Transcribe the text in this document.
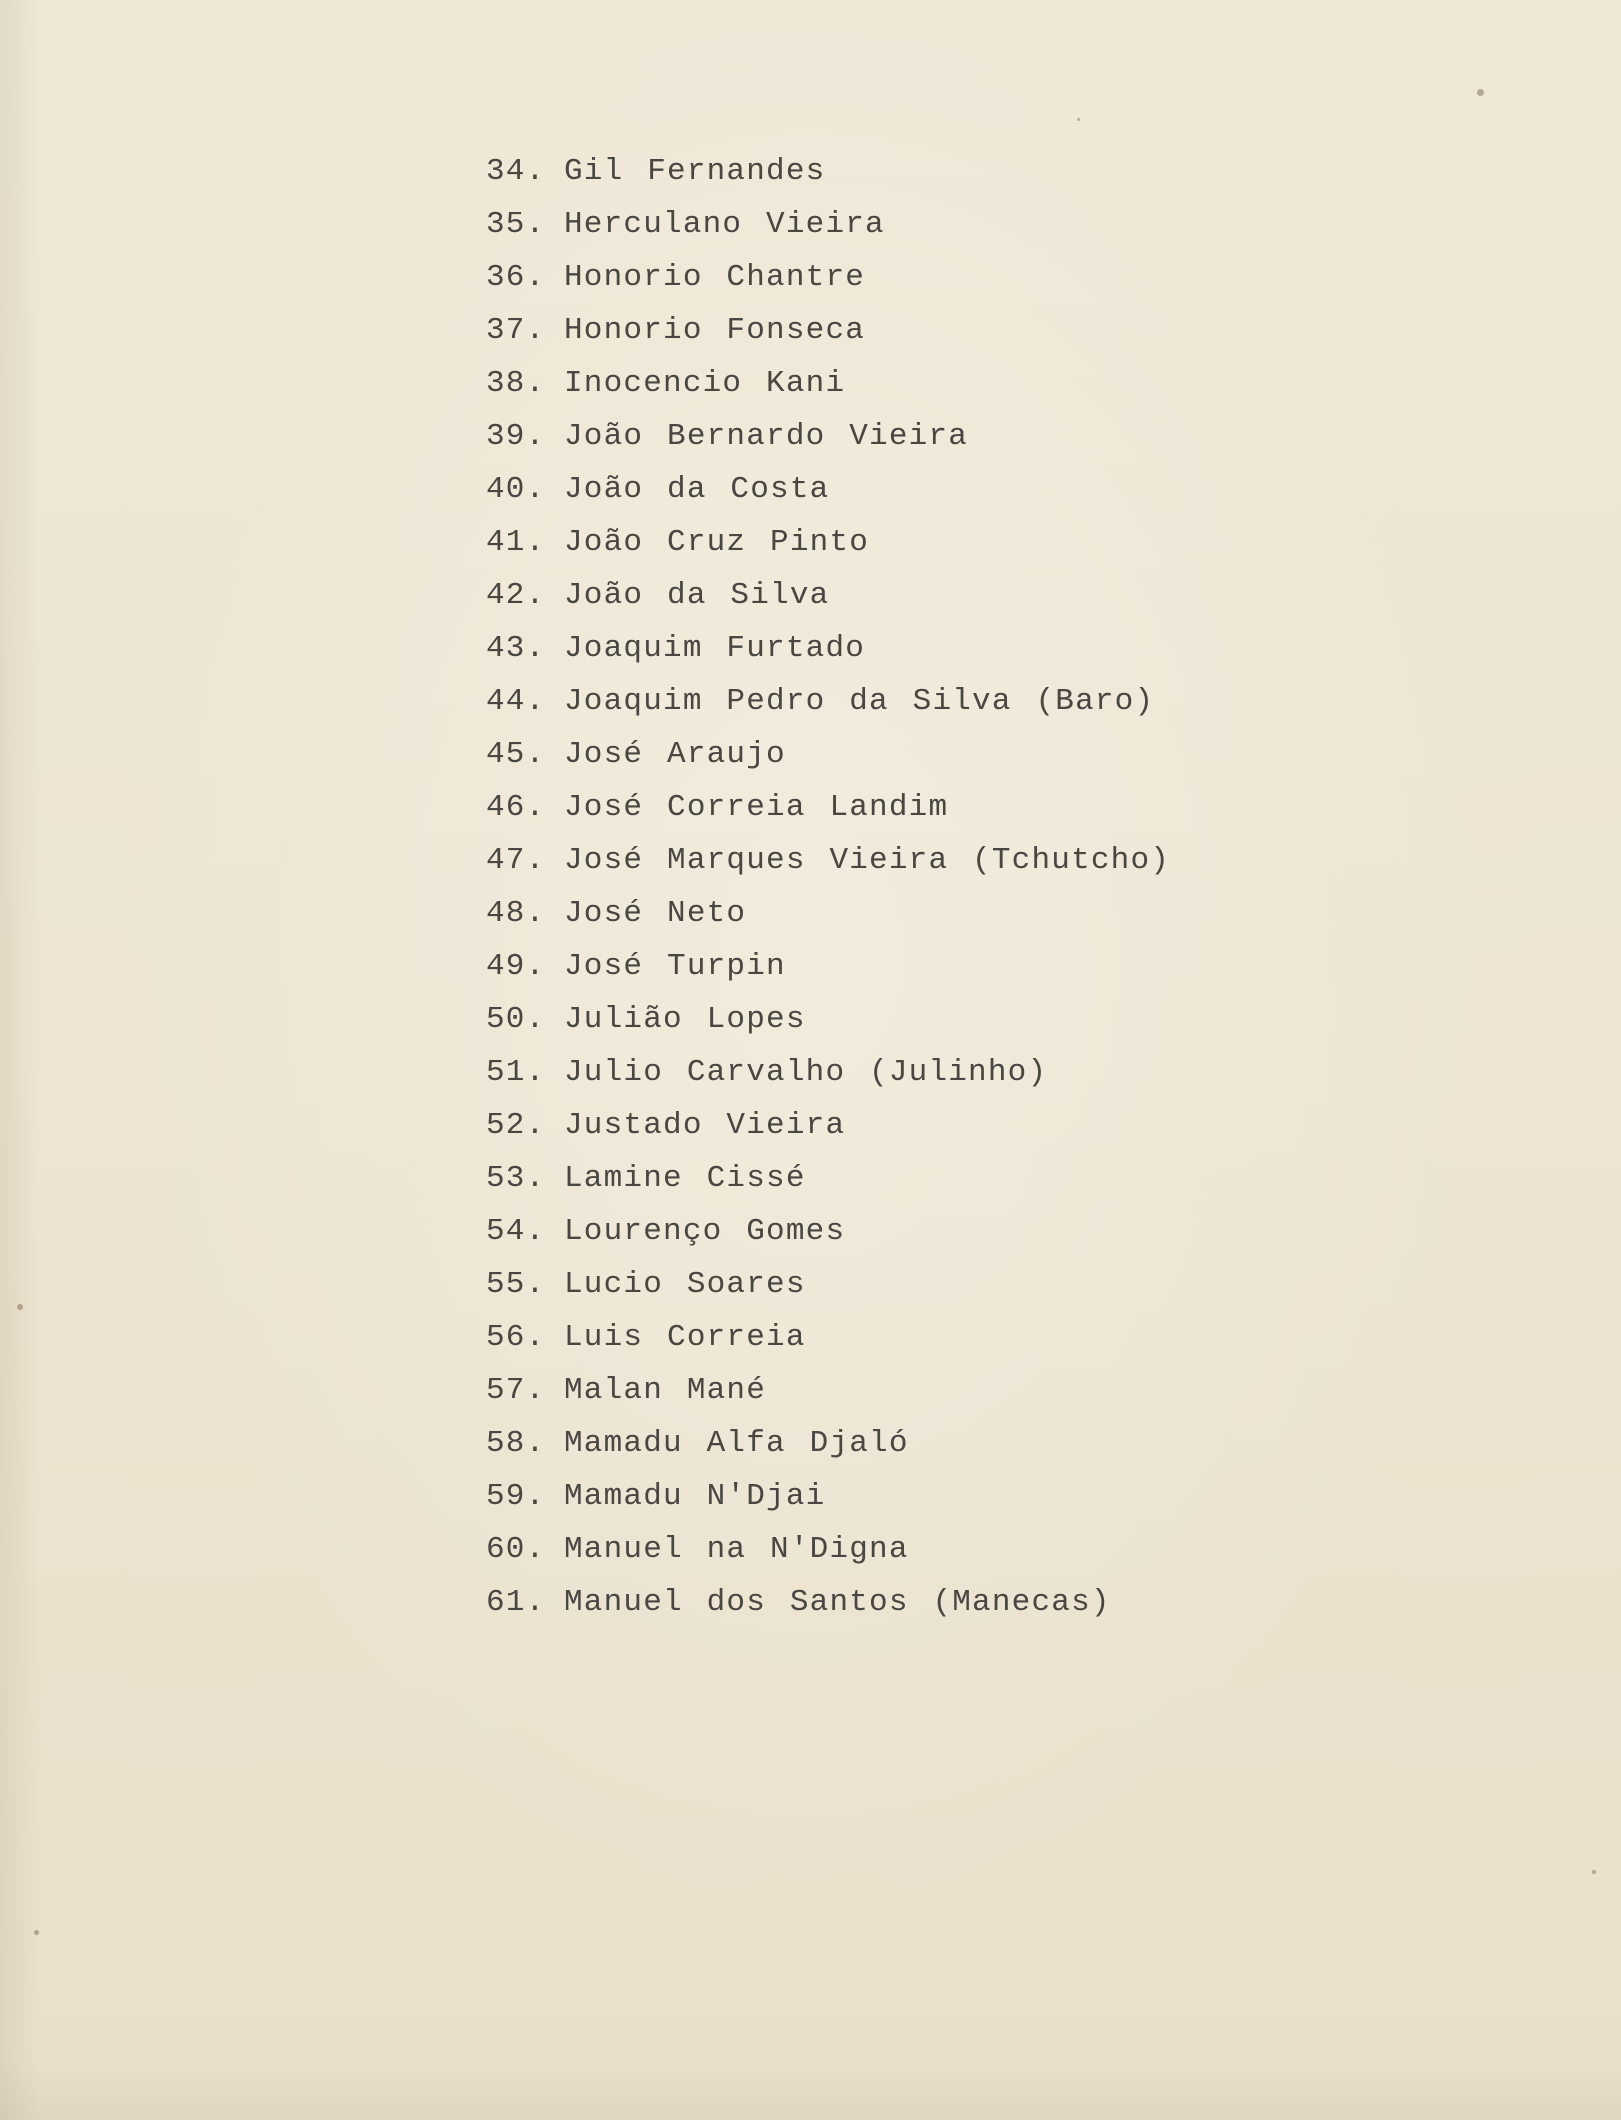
34. Gil Fernandes
35. Herculano Vieira
36. Honorio Chantre
37. Honorio Fonseca
38. Inocencio Kani
39. João Bernardo Vieira
40. João da Costa
41. João Cruz Pinto
42. João da Silva
43. Joaquim Furtado
44. Joaquim Pedro da Silva (Baro)
45. José Araujo
46. José Correia Landim
47. José Marques Vieira (Tchutcho)
48. José Neto
49. José Turpin
50. Julião Lopes
51. Julio Carvalho (Julinho)
52. Justado Vieira
53. Lamine Cissé
54. Lourenço Gomes
55. Lucio Soares
56. Luis Correia
57. Malan Mané
58. Mamadu Alfa Djaló
59. Mamadu N'Djai
60. Manuel na N'Digna
61. Manuel dos Santos (Manecas)
